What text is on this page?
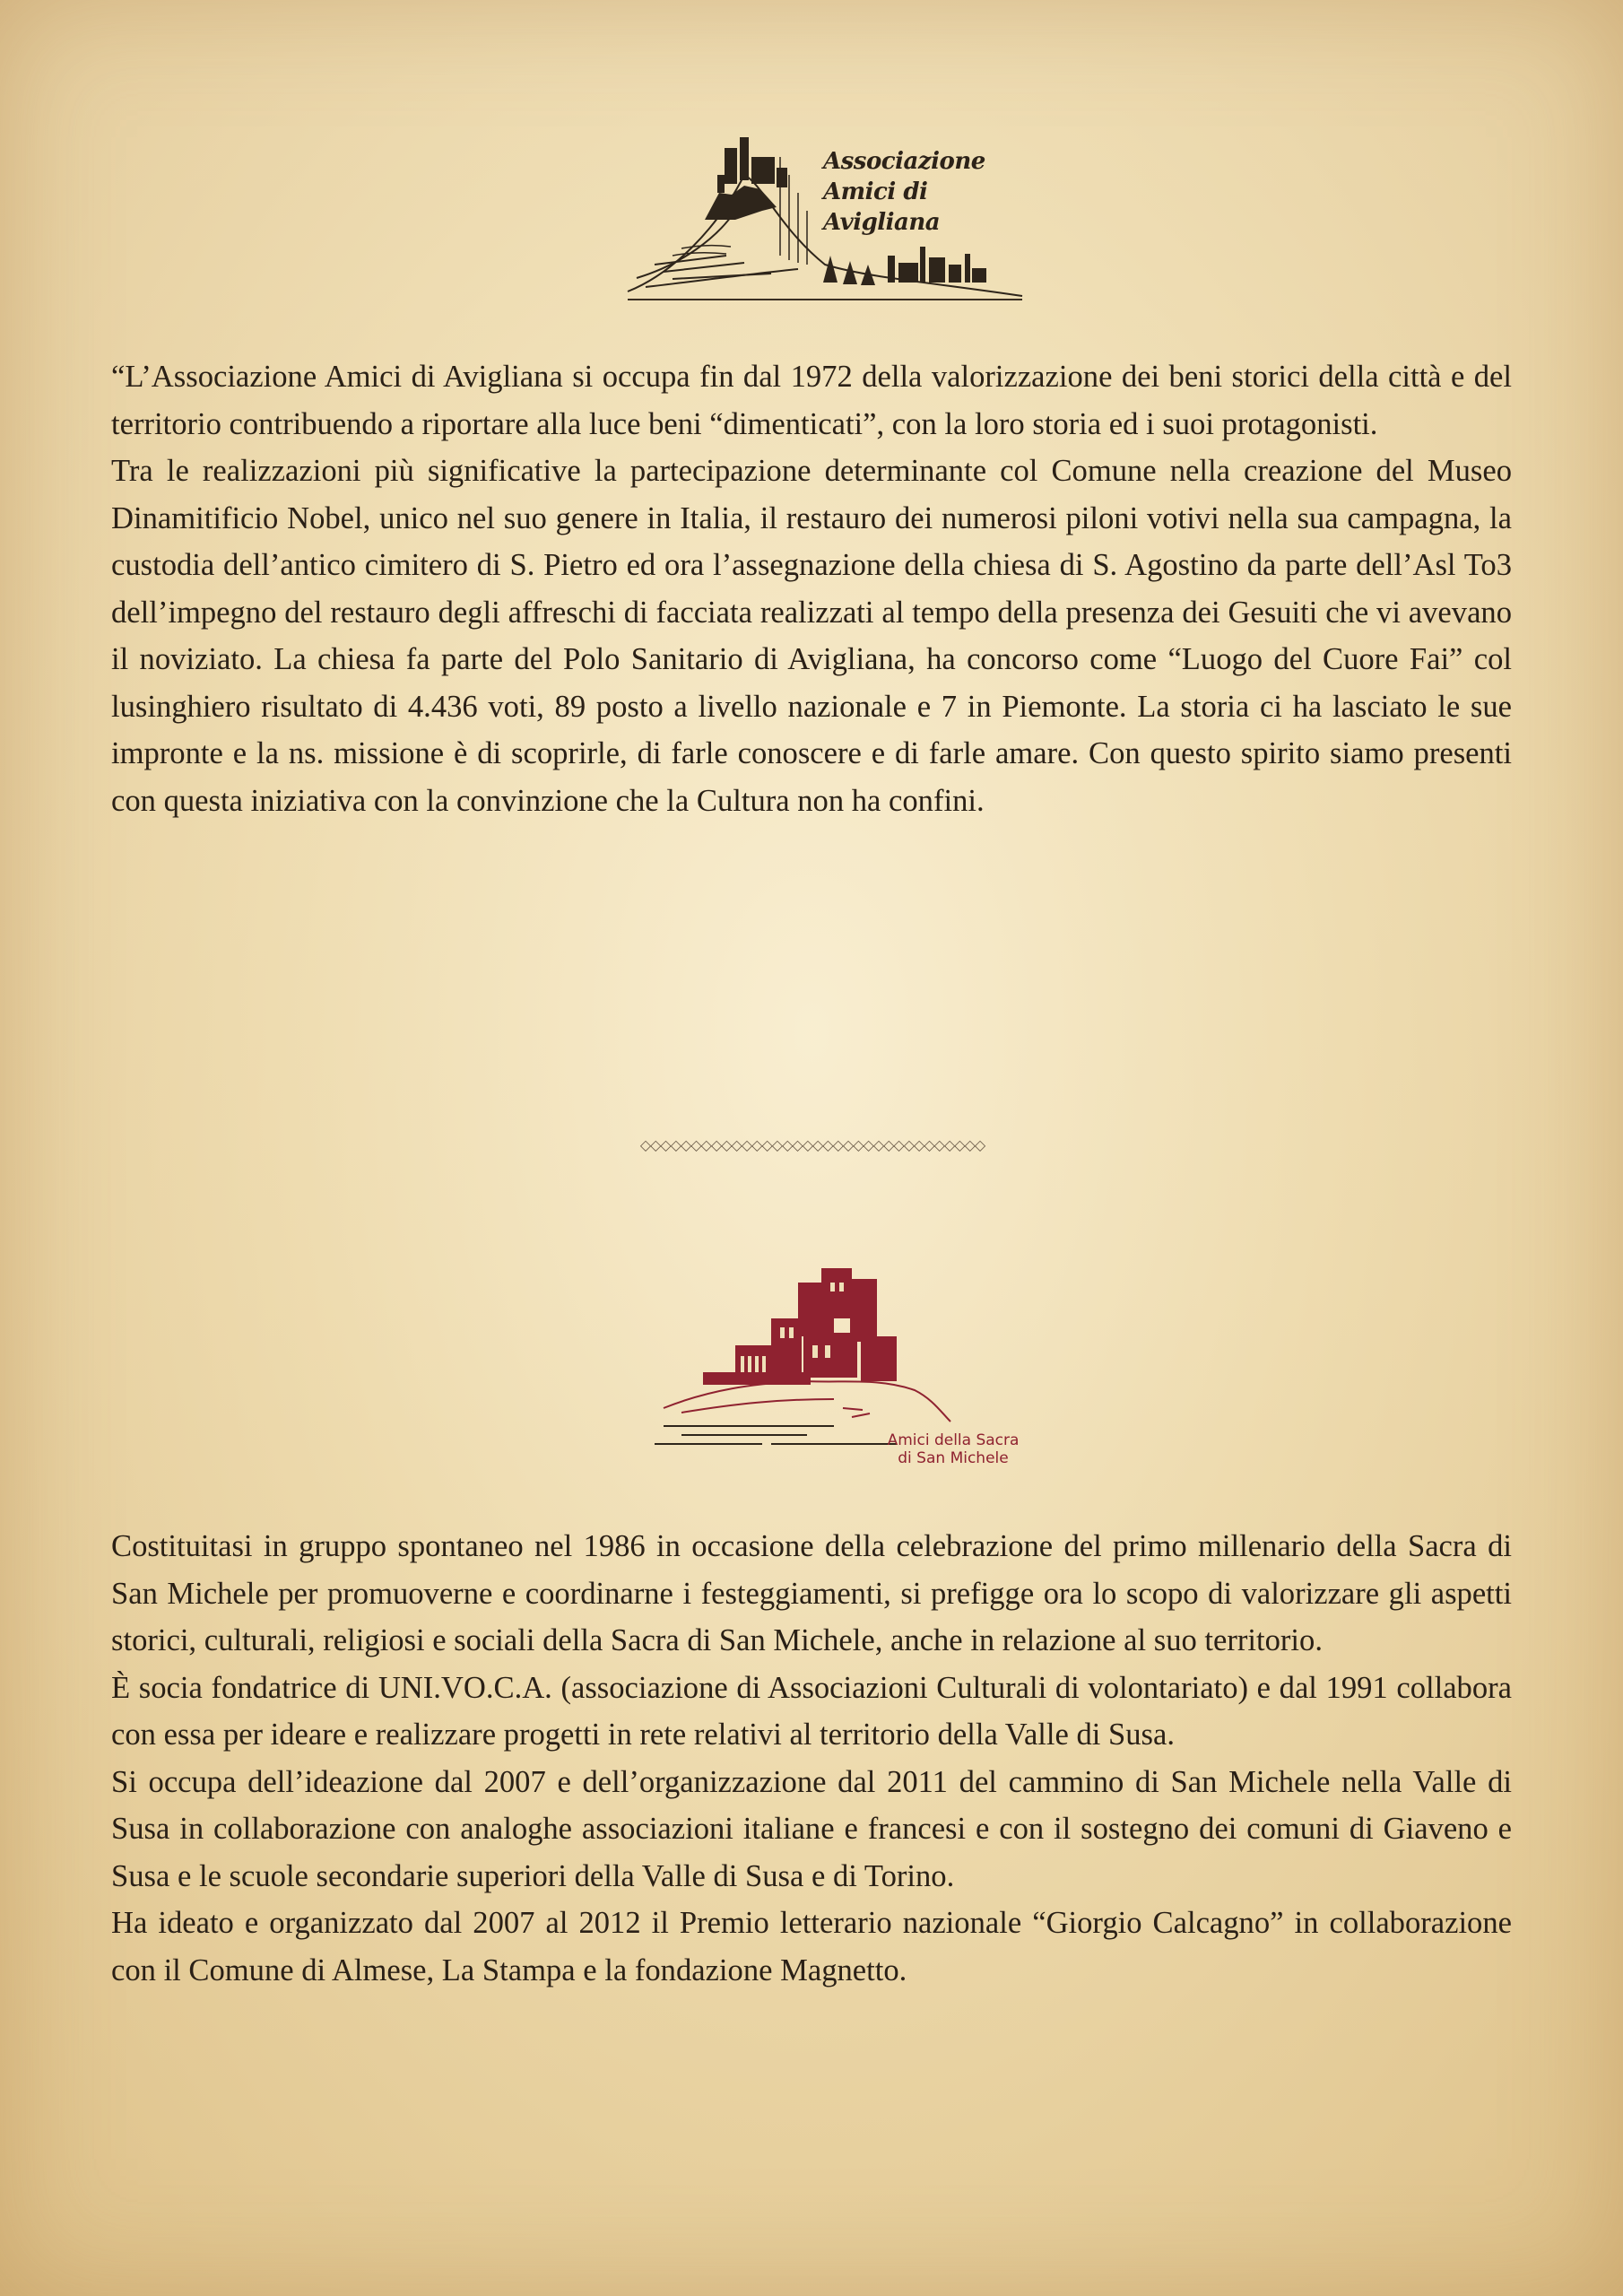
Associazione
Amici di Avigliana

“L’Associazione Amici di Avigliana si occupa fin dal 1972 della valorizzazione dei beni storici della città e del territorio contribuendo a riportare alla luce beni “dimenticati”, con la loro storia ed i suoi protagonisti.

Tra le realizzazioni più significative la partecipazione determinante col Comune nella creazione del Museo Dinamitificio Nobel, unico nel suo genere in Italia, il restauro dei numerosi piloni votivi nella sua campagna, la custodia dell’antico cimitero di S. Pietro ed ora l’assegnazione della chiesa di S. Agostino da parte dell’Asl To3 dell’impegno del restauro degli affreschi di facciata realizzati al tempo della presenza dei Gesuiti che vi avevano il noviziato. La chiesa fa parte del Polo Sanitario di Avigliana, ha concorso come “Luogo del Cuore Fai” col lusinghiero risultato di 4.436 voti, 89 posto a livello nazionale e 7 in Piemonte. La storia ci ha lasciato le sue impronte e la ns. missione è di scoprirle, di farle conoscere e di farle amare. Con questo spirito siamo presenti con questa iniziativa con la convinzione che la Cultura non ha confini.

◇◇◇◇◇◇◇◇◇◇◇◇◇◇◇◇◇◇◇◇◇◇◇◇◇◇◇◇◇◇◇◇◇◇
Amici della Sacra
di San Michele

Costituitasi in gruppo spontaneo nel 1986 in occasione della celebrazione del primo millenario della Sacra di San Michele per promuoverne e coordinarne i festeggiamenti, si prefigge ora lo scopo di valorizzare gli aspetti storici, culturali, religiosi e sociali della Sacra di San Michele, anche in relazione al suo territorio.

È socia fondatrice di UNI.VO.C.A. (associazione di Associazioni Culturali di volontariato) e dal 1991 collabora con essa per ideare e realizzare progetti in rete relativi al territorio della Valle di Susa.

Si occupa dell’ideazione dal 2007 e dell’organizzazione dal 2011 del cammino di San Michele nella Valle di Susa in collaborazione con analoghe associazioni italiane e francesi e con il sostegno dei comuni di Giaveno e Susa e le scuole secondarie superiori della Valle di Susa e di Torino.

Ha ideato e organizzato dal 2007 al 2012 il Premio letterario nazionale “Giorgio Calcagno” in collaborazione con il Comune di Almese, La Stampa e la fondazione Magnetto.
